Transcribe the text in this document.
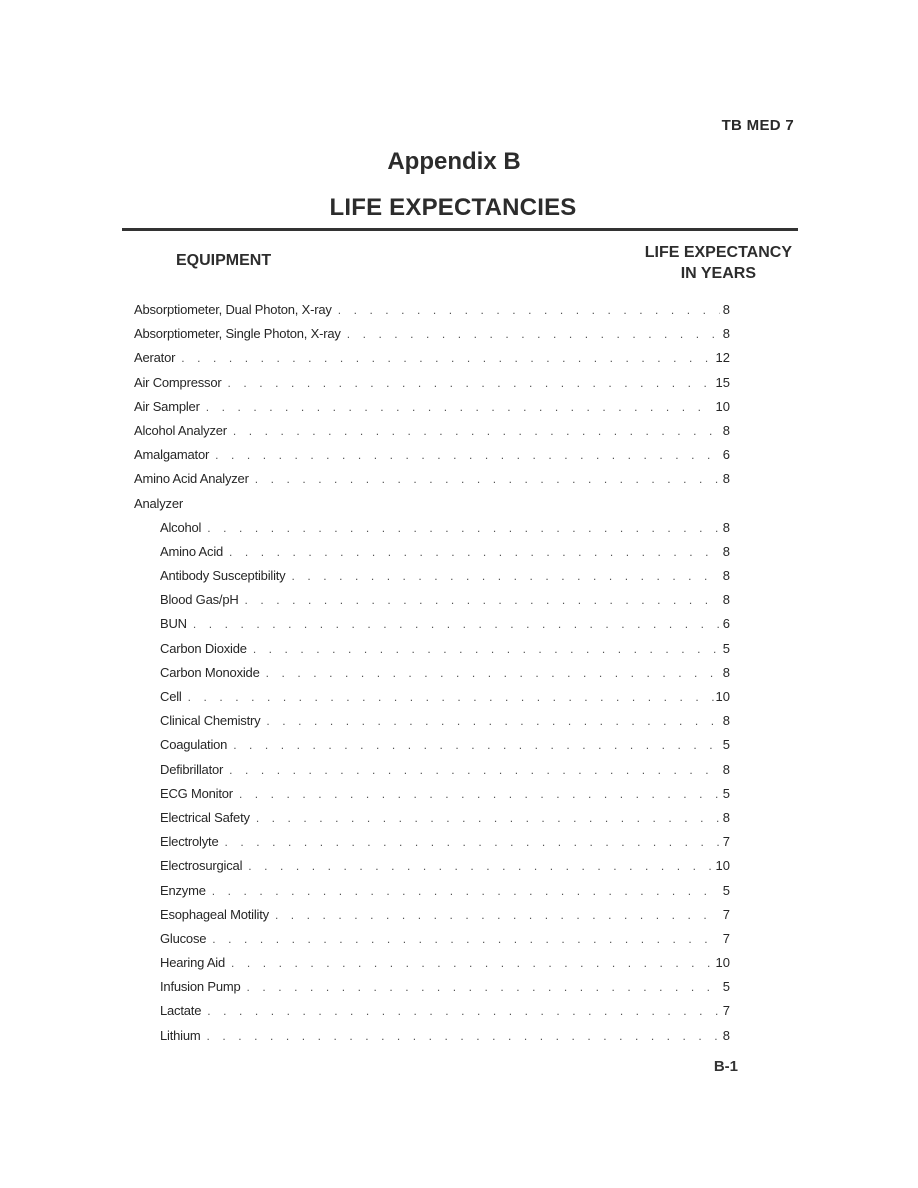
TB MED 7
Appendix B
LIFE EXPECTANCIES
EQUIPMENT	LIFE EXPECTANCY
IN YEARS
Absorptiometer, Dual Photon, X-ray . . .	8
Absorptiometer, Single Photon, X-ray . . .	8
Aerator . . .	12
Air Compressor . . .	15
Air Sampler . . .	10
Alcohol Analyzer . . .	8
Amalgamator . . .	6
Amino Acid Analyzer . . .	8
Analyzer
Alcohol . . .	8
Amino Acid . . .	8
Antibody Susceptibility . . .	8
Blood Gas/pH . . .	8
BUN . . .	6
Carbon Dioxide . . .	5
Carbon Monoxide . . .	8
Cell . . .	10
Clinical Chemistry . . .	8
Coagulation . . .	5
Defibrillator . . .	8
ECG Monitor . . .	5
Electrical Safety . . .	8
Electrolyte . . .	7
Electrosurgical . . .	10
Enzyme . . .	5
Esophageal Motility . . .	7
Glucose . . .	7
Hearing Aid . . .	10
Infusion Pump . . .	5
Lactate . . .	7
Lithium . . .	8
B-1
